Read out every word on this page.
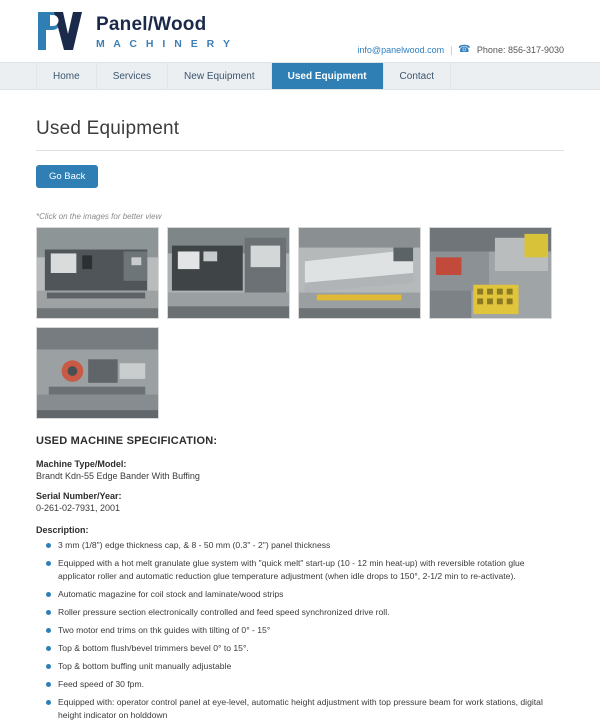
Panel/Wood
M A C H I N E R Y	info@panelwood.com | ☎ Phone: 856-317-9030
Home	Services	New Equipment	Used Equipment	Contact
Used Equipment
Go Back
*Click on the images for better view
USED MACHINE SPECIFICATION:
Machine Type/Model:
Brandt Kdn-55 Edge Bander With Buffing
Serial Number/Year:
0-261-02-7931, 2001
Description:
3 mm (1/8") edge thickness cap, & 8 - 50 mm (0.3" - 2") panel thickness
Equipped with a hot melt granulate glue system with "quick melt" start-up (10 - 12 min heat-up) with reversible rotation glue applicator roller and automatic reduction glue temperature adjustment (when idle drops to 150°, 2-1/2 min to re-activate).
Automatic magazine for coil stock and laminate/wood strips
Roller pressure section electronically controlled and feed speed synchronized drive roll.
Two motor end trims on thk guides with tilting of 0° - 15°
Top & bottom flush/bevel trimmers bevel 0° to 15°.
Top & bottom buffing unit manually adjustable
Feed speed of 30 fpm.
Equipped with: operator control panel at eye-level, automatic height adjustment with top pressure beam for work stations, digital height indicator on holddown
